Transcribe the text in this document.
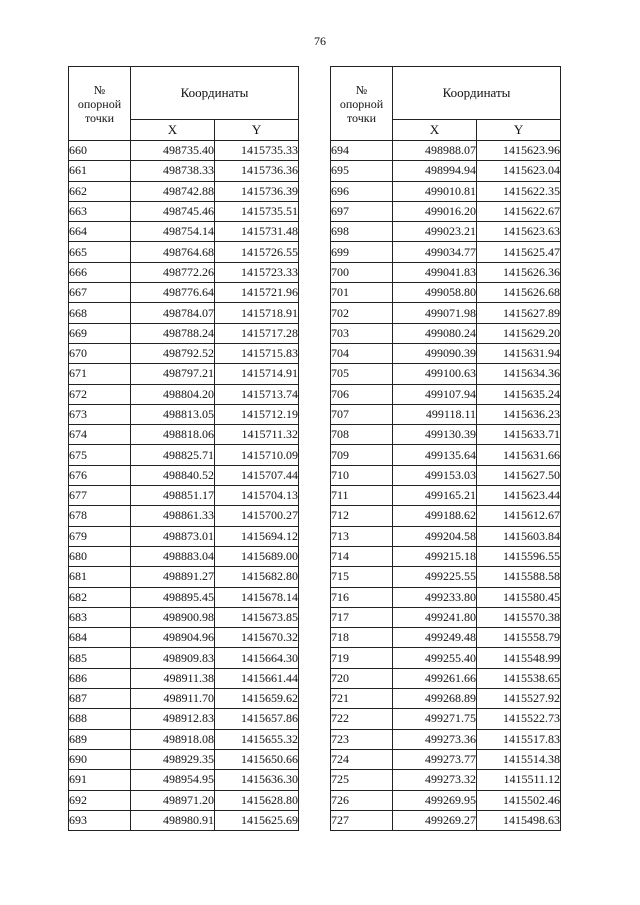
76
№
опорной
точки	Координаты	
	X	Y
660	498735.40	1415735.33
661	498738.33	1415736.36
662	498742.88	1415736.39
663	498745.46	1415735.51
664	498754.14	1415731.48
665	498764.68	1415726.55
666	498772.26	1415723.33
667	498776.64	1415721.96
668	498784.07	1415718.91
669	498788.24	1415717.28
670	498792.52	1415715.83
671	498797.21	1415714.91
672	498804.20	1415713.74
673	498813.05	1415712.19
674	498818.06	1415711.32
675	498825.71	1415710.09
676	498840.52	1415707.44
677	498851.17	1415704.13
678	498861.33	1415700.27
679	498873.01	1415694.12
680	498883.04	1415689.00
681	498891.27	1415682.80
682	498895.45	1415678.14
683	498900.98	1415673.85
684	498904.96	1415670.32
685	498909.83	1415664.30
686	498911.38	1415661.44
687	498911.70	1415659.62
688	498912.83	1415657.86
689	498918.08	1415655.32
690	498929.35	1415650.66
691	498954.95	1415636.30
692	498971.20	1415628.80
693	498980.91	1415625.69
№
опорной
точки	Координаты	
	X	Y
694	498988.07	1415623.96
695	498994.94	1415623.04
696	499010.81	1415622.35
697	499016.20	1415622.67
698	499023.21	1415623.63
699	499034.77	1415625.47
700	499041.83	1415626.36
701	499058.80	1415626.68
702	499071.98	1415627.89
703	499080.24	1415629.20
704	499090.39	1415631.94
705	499100.63	1415634.36
706	499107.94	1415635.24
707	499118.11	1415636.23
708	499130.39	1415633.71
709	499135.64	1415631.66
710	499153.03	1415627.50
711	499165.21	1415623.44
712	499188.62	1415612.67
713	499204.58	1415603.84
714	499215.18	1415596.55
715	499225.55	1415588.58
716	499233.80	1415580.45
717	499241.80	1415570.38
718	499249.48	1415558.79
719	499255.40	1415548.99
720	499261.66	1415538.65
721	499268.89	1415527.92
722	499271.75	1415522.73
723	499273.36	1415517.83
724	499273.77	1415514.38
725	499273.32	1415511.12
726	499269.95	1415502.46
727	499269.27	1415498.63
